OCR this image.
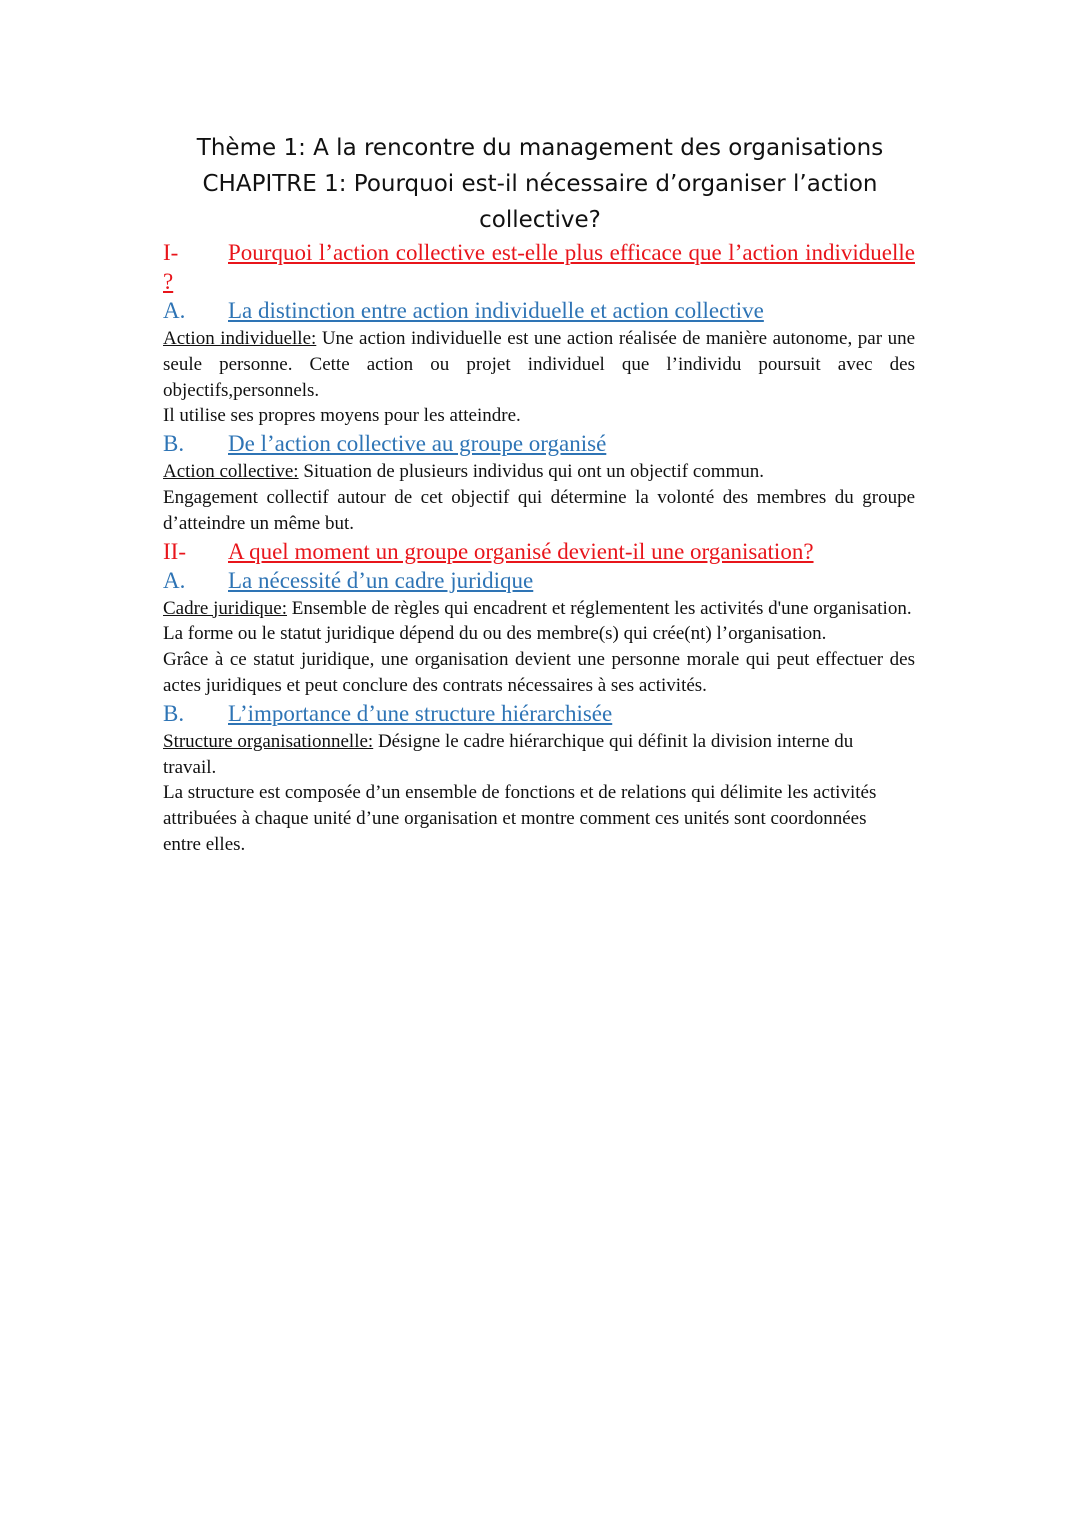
Thème 1: A la rencontre du management des organisations
CHAPITRE 1: Pourquoi est-il nécessaire d’organiser l’action
collective?
I- Pourquoi l’action collective est-elle plus efficace que l’action individuelle ?
A. La distinction entre action individuelle et action collective
Action individuelle: Une action individuelle est une action réalisée de manière autonome, par une seule personne. Cette action ou projet individuel que l’individu poursuit avec des objectifs,personnels.
Il utilise ses propres moyens pour les atteindre.
B. De l’action collective au groupe organisé
Action collective: Situation de plusieurs individus qui ont un objectif commun.
Engagement collectif autour de cet objectif qui détermine la volonté des membres du groupe d’atteindre un même but.
II- A quel moment un groupe organisé devient-il une organisation?
A. La nécessité d’un cadre juridique
Cadre juridique: Ensemble de règles qui encadrent et réglementent les activités d'une organisation.
La forme ou le statut juridique dépend du ou des membre(s) qui crée(nt) l’organisation.
Grâce à ce statut juridique, une organisation devient une personne morale qui peut effectuer des actes juridiques et peut conclure des contrats nécessaires à ses activités.
B. L’importance d’une structure hiérarchisée
Structure organisationnelle: Désigne le cadre hiérarchique qui définit la division interne du travail.
La structure est composée d’un ensemble de fonctions et de relations qui délimite les activités attribuées à chaque unité d’une organisation et montre comment ces unités sont coordonnées entre elles.
